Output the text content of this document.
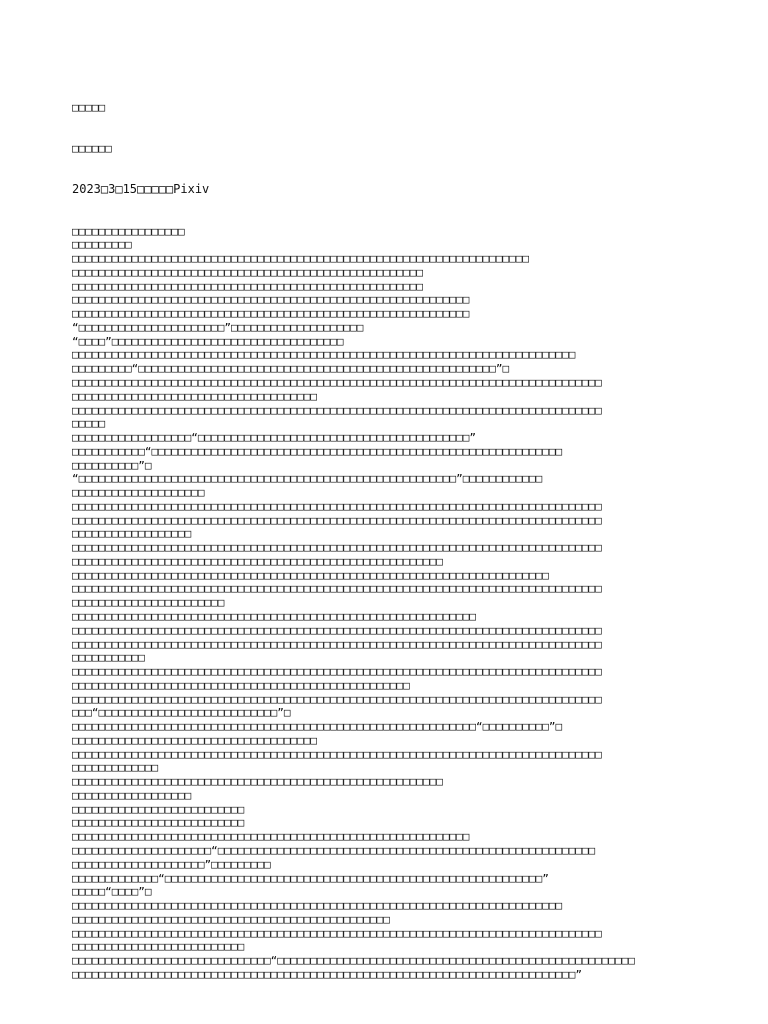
□□□□□

□□□□□□

2023□3□15□□□□□Pixiv

□□□□□□□□□□□□□□□□□
□□□□□□□□□
□□□□□□□□□□□□□□□□□□□□□□□□□□□□□□□□□□□□□□□□□□□□□□□□□□□□□□□□□□□□□□□□□□□□□
□□□□□□□□□□□□□□□□□□□□□□□□□□□□□□□□□□□□□□□□□□□□□□□□□□□□□
□□□□□□□□□□□□□□□□□□□□□□□□□□□□□□□□□□□□□□□□□□□□□□□□□□□□□
□□□□□□□□□□□□□□□□□□□□□□□□□□□□□□□□□□□□□□□□□□□□□□□□□□□□□□□□□□□□
□□□□□□□□□□□□□□□□□□□□□□□□□□□□□□□□□□□□□□□□□□□□□□□□□□□□□□□□□□□□
“□□□□□□□□□□□□□□□□□□□□□□”□□□□□□□□□□□□□□□□□□□□
“□□□□”□□□□□□□□□□□□□□□□□□□□□□□□□□□□□□□□□□□
□□□□□□□□□□□□□□□□□□□□□□□□□□□□□□□□□□□□□□□□□□□□□□□□□□□□□□□□□□□□□□□□□□□□□□□□□□□□
□□□□□□□□□“□□□□□□□□□□□□□□□□□□□□□□□□□□□□□□□□□□□□□□□□□□□□□□□□□□□□□□”□
□□□□□□□□□□□□□□□□□□□□□□□□□□□□□□□□□□□□□□□□□□□□□□□□□□□□□□□□□□□□□□□□□□□□□□□□□□□□□□□□
□□□□□□□□□□□□□□□□□□□□□□□□□□□□□□□□□□□□□
□□□□□□□□□□□□□□□□□□□□□□□□□□□□□□□□□□□□□□□□□□□□□□□□□□□□□□□□□□□□□□□□□□□□□□□□□□□□□□□□
□□□□□
□□□□□□□□□□□□□□□□□□“□□□□□□□□□□□□□□□□□□□□□□□□□□□□□□□□□□□□□□□□□”
□□□□□□□□□□□“□□□□□□□□□□□□□□□□□□□□□□□□□□□□□□□□□□□□□□□□□□□□□□□□□□□□□□□□□□□□□□
□□□□□□□□□□”□
“□□□□□□□□□□□□□□□□□□□□□□□□□□□□□□□□□□□□□□□□□□□□□□□□□□□□□□□□□”□□□□□□□□□□□□
□□□□□□□□□□□□□□□□□□□□
□□□□□□□□□□□□□□□□□□□□□□□□□□□□□□□□□□□□□□□□□□□□□□□□□□□□□□□□□□□□□□□□□□□□□□□□□□□□□□□□
□□□□□□□□□□□□□□□□□□□□□□□□□□□□□□□□□□□□□□□□□□□□□□□□□□□□□□□□□□□□□□□□□□□□□□□□□□□□□□□□
□□□□□□□□□□□□□□□□□□
□□□□□□□□□□□□□□□□□□□□□□□□□□□□□□□□□□□□□□□□□□□□□□□□□□□□□□□□□□□□□□□□□□□□□□□□□□□□□□□□
□□□□□□□□□□□□□□□□□□□□□□□□□□□□□□□□□□□□□□□□□□□□□□□□□□□□□□□□
□□□□□□□□□□□□□□□□□□□□□□□□□□□□□□□□□□□□□□□□□□□□□□□□□□□□□□□□□□□□□□□□□□□□□□□□
□□□□□□□□□□□□□□□□□□□□□□□□□□□□□□□□□□□□□□□□□□□□□□□□□□□□□□□□□□□□□□□□□□□□□□□□□□□□□□□□
□□□□□□□□□□□□□□□□□□□□□□□
□□□□□□□□□□□□□□□□□□□□□□□□□□□□□□□□□□□□□□□□□□□□□□□□□□□□□□□□□□□□□
□□□□□□□□□□□□□□□□□□□□□□□□□□□□□□□□□□□□□□□□□□□□□□□□□□□□□□□□□□□□□□□□□□□□□□□□□□□□□□□□
□□□□□□□□□□□□□□□□□□□□□□□□□□□□□□□□□□□□□□□□□□□□□□□□□□□□□□□□□□□□□□□□□□□□□□□□□□□□□□□□
□□□□□□□□□□□
□□□□□□□□□□□□□□□□□□□□□□□□□□□□□□□□□□□□□□□□□□□□□□□□□□□□□□□□□□□□□□□□□□□□□□□□□□□□□□□□
□□□□□□□□□□□□□□□□□□□□□□□□□□□□□□□□□□□□□□□□□□□□□□□□□□□
□□□□□□□□□□□□□□□□□□□□□□□□□□□□□□□□□□□□□□□□□□□□□□□□□□□□□□□□□□□□□□□□□□□□□□□□□□□□□□□□
□□□“□□□□□□□□□□□□□□□□□□□□□□□□□□□”□
□□□□□□□□□□□□□□□□□□□□□□□□□□□□□□□□□□□□□□□□□□□□□□□□□□□□□□□□□□□□□“□□□□□□□□□□”□
□□□□□□□□□□□□□□□□□□□□□□□□□□□□□□□□□□□□□
□□□□□□□□□□□□□□□□□□□□□□□□□□□□□□□□□□□□□□□□□□□□□□□□□□□□□□□□□□□□□□□□□□□□□□□□□□□□□□□□
□□□□□□□□□□□□□
□□□□□□□□□□□□□□□□□□□□□□□□□□□□□□□□□□□□□□□□□□□□□□□□□□□□□□□□
□□□□□□□□□□□□□□□□□□
□□□□□□□□□□□□□□□□□□□□□□□□□□
□□□□□□□□□□□□□□□□□□□□□□□□□□
□□□□□□□□□□□□□□□□□□□□□□□□□□□□□□□□□□□□□□□□□□□□□□□□□□□□□□□□□□□□
□□□□□□□□□□□□□□□□□□□□□“□□□□□□□□□□□□□□□□□□□□□□□□□□□□□□□□□□□□□□□□□□□□□□□□□□□□□□□□□
□□□□□□□□□□□□□□□□□□□□”□□□□□□□□□
□□□□□□□□□□□□□“□□□□□□□□□□□□□□□□□□□□□□□□□□□□□□□□□□□□□□□□□□□□□□□□□□□□□□□□□”
□□□□□“□□□□”□
□□□□□□□□□□□□□□□□□□□□□□□□□□□□□□□□□□□□□□□□□□□□□□□□□□□□□□□□□□□□□□□□□□□□□□□□□□
□□□□□□□□□□□□□□□□□□□□□□□□□□□□□□□□□□□□□□□□□□□□□□□□
□□□□□□□□□□□□□□□□□□□□□□□□□□□□□□□□□□□□□□□□□□□□□□□□□□□□□□□□□□□□□□□□□□□□□□□□□□□□□□□□
□□□□□□□□□□□□□□□□□□□□□□□□□□
□□□□□□□□□□□□□□□□□□□□□□□□□□□□□□“□□□□□□□□□□□□□□□□□□□□□□□□□□□□□□□□□□□□□□□□□□□□□□□□□□□□□□
□□□□□□□□□□□□□□□□□□□□□□□□□□□□□□□□□□□□□□□□□□□□□□□□□□□□□□□□□□□□□□□□□□□□□□□□□□□□”
